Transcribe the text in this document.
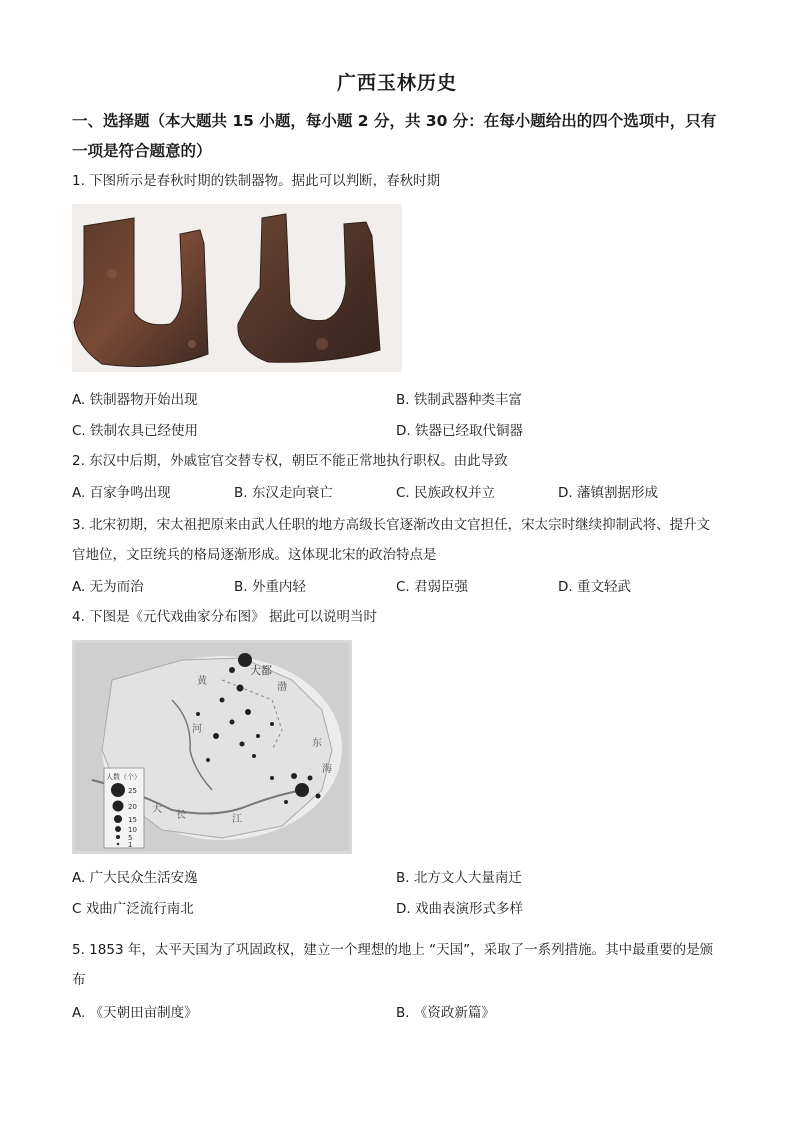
广西玉林历史
一、选择题（本大题共 15 小题，每小题 2 分，共 30 分：在每小题给出的四个选项中，只有一项是符合题意的）
1. 下图所示是春秋时期的铁制器物。据此可以判断，春秋时期
A. 铁制器物开始出现	B. 铁制武器种类丰富
C. 铁制农具已经使用	D. 铁器已经取代铜器
2. 东汉中后期，外戚宦官交替专权，朝臣不能正常地执行职权。由此导致
A. 百家争鸣出现	B. 东汉走向衰亡	C. 民族政权并立	D. 藩镇割据形成
3. 北宋初期，宋太祖把原来由武人任职的地方高级长官逐渐改由文官担任，宋太宗时继续抑制武将、提升文官地位，文臣统兵的格局逐渐形成。这体现北宋的政治特点是
A. 无为而治	B. 外重内轻	C. 君弱臣强	D. 重文轻武
4. 下图是《元代戏曲家分布图》 据此可以说明当时
大都
渤
黄
河
东
海
大
长	江
人数（个）
25
20
15
10
5
1
A. 广大民众生活安逸	B. 北方文人大量南迁
C 戏曲广泛流行南北	D. 戏曲表演形式多样
5. 1853 年，太平天国为了巩固政权，建立一个理想的地上 “天国”，采取了一系列措施。其中最重要的是颁布
A. 《天朝田亩制度》	B. 《资政新篇》
